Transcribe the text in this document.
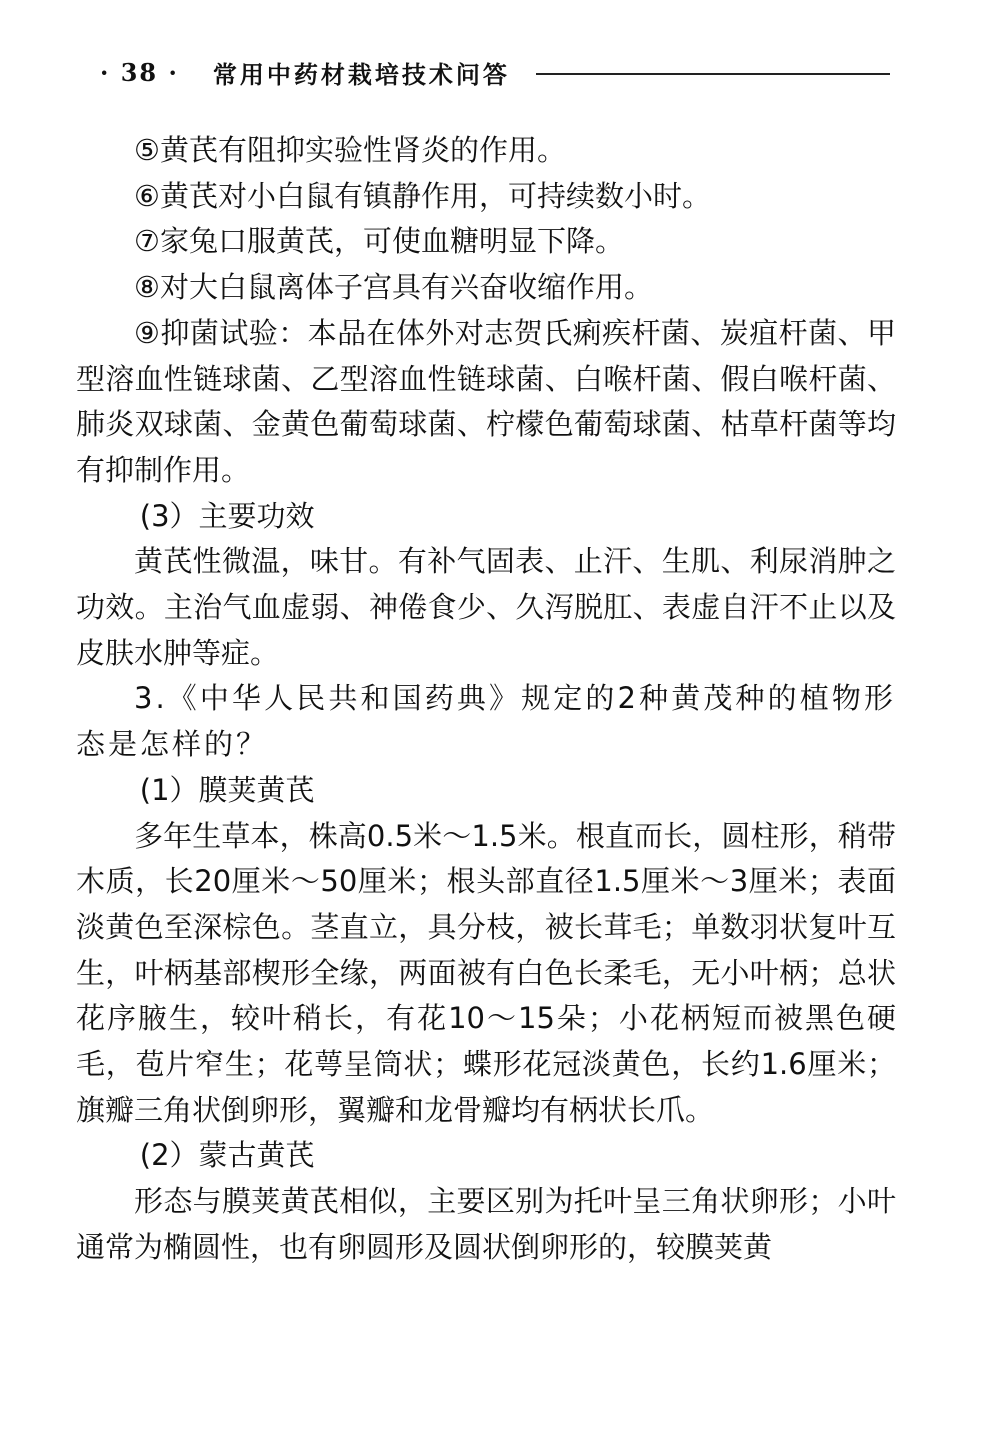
· 38 · 常用中药材栽培技术问答

⑤黄芪有阻抑实验性肾炎的作用。

⑥黄芪对小白鼠有镇静作用，可持续数小时。

⑦家兔口服黄芪，可使血糖明显下降。

⑧对大白鼠离体子宫具有兴奋收缩作用。

⑨抑菌试验：本品在体外对志贺氏痢疾杆菌、炭疽杆菌、甲型溶血性链球菌、乙型溶血性链球菌、白喉杆菌、假白喉杆菌、肺炎双球菌、金黄色葡萄球菌、柠檬色葡萄球菌、枯草杆菌等均有抑制作用。

(3）主要功效

黄芪性微温，味甘。有补气固表、止汗、生肌、利尿消肿之功效。主治气血虚弱、神倦食少、久泻脱肛、表虚自汗不止以及皮肤水肿等症。

3.《中华人民共和国药典》规定的2种黄茂种的植物形态是怎样的？

(1）膜荚黄芪

多年生草本，株高0.5米～1.5米。根直而长，圆柱形，稍带木质，长20厘米～50厘米；根头部直径1.5厘米～3厘米；表面淡黄色至深棕色。茎直立，具分枝，被长茸毛；单数羽状复叶互生，叶柄基部楔形全缘，两面被有白色长柔毛，无小叶柄；总状花序腋生，较叶稍长，有花10～15朵；小花柄短而被黑色硬毛，苞片窄生；花萼呈筒状；蝶形花冠淡黄色，长约1.6厘米；旗瓣三角状倒卵形，翼瓣和龙骨瓣均有柄状长爪。

(2）蒙古黄芪

形态与膜荚黄芪相似，主要区别为托叶呈三角状卵形；小叶通常为椭圆性，也有卵圆形及圆状倒卵形的，较膜荚黄
